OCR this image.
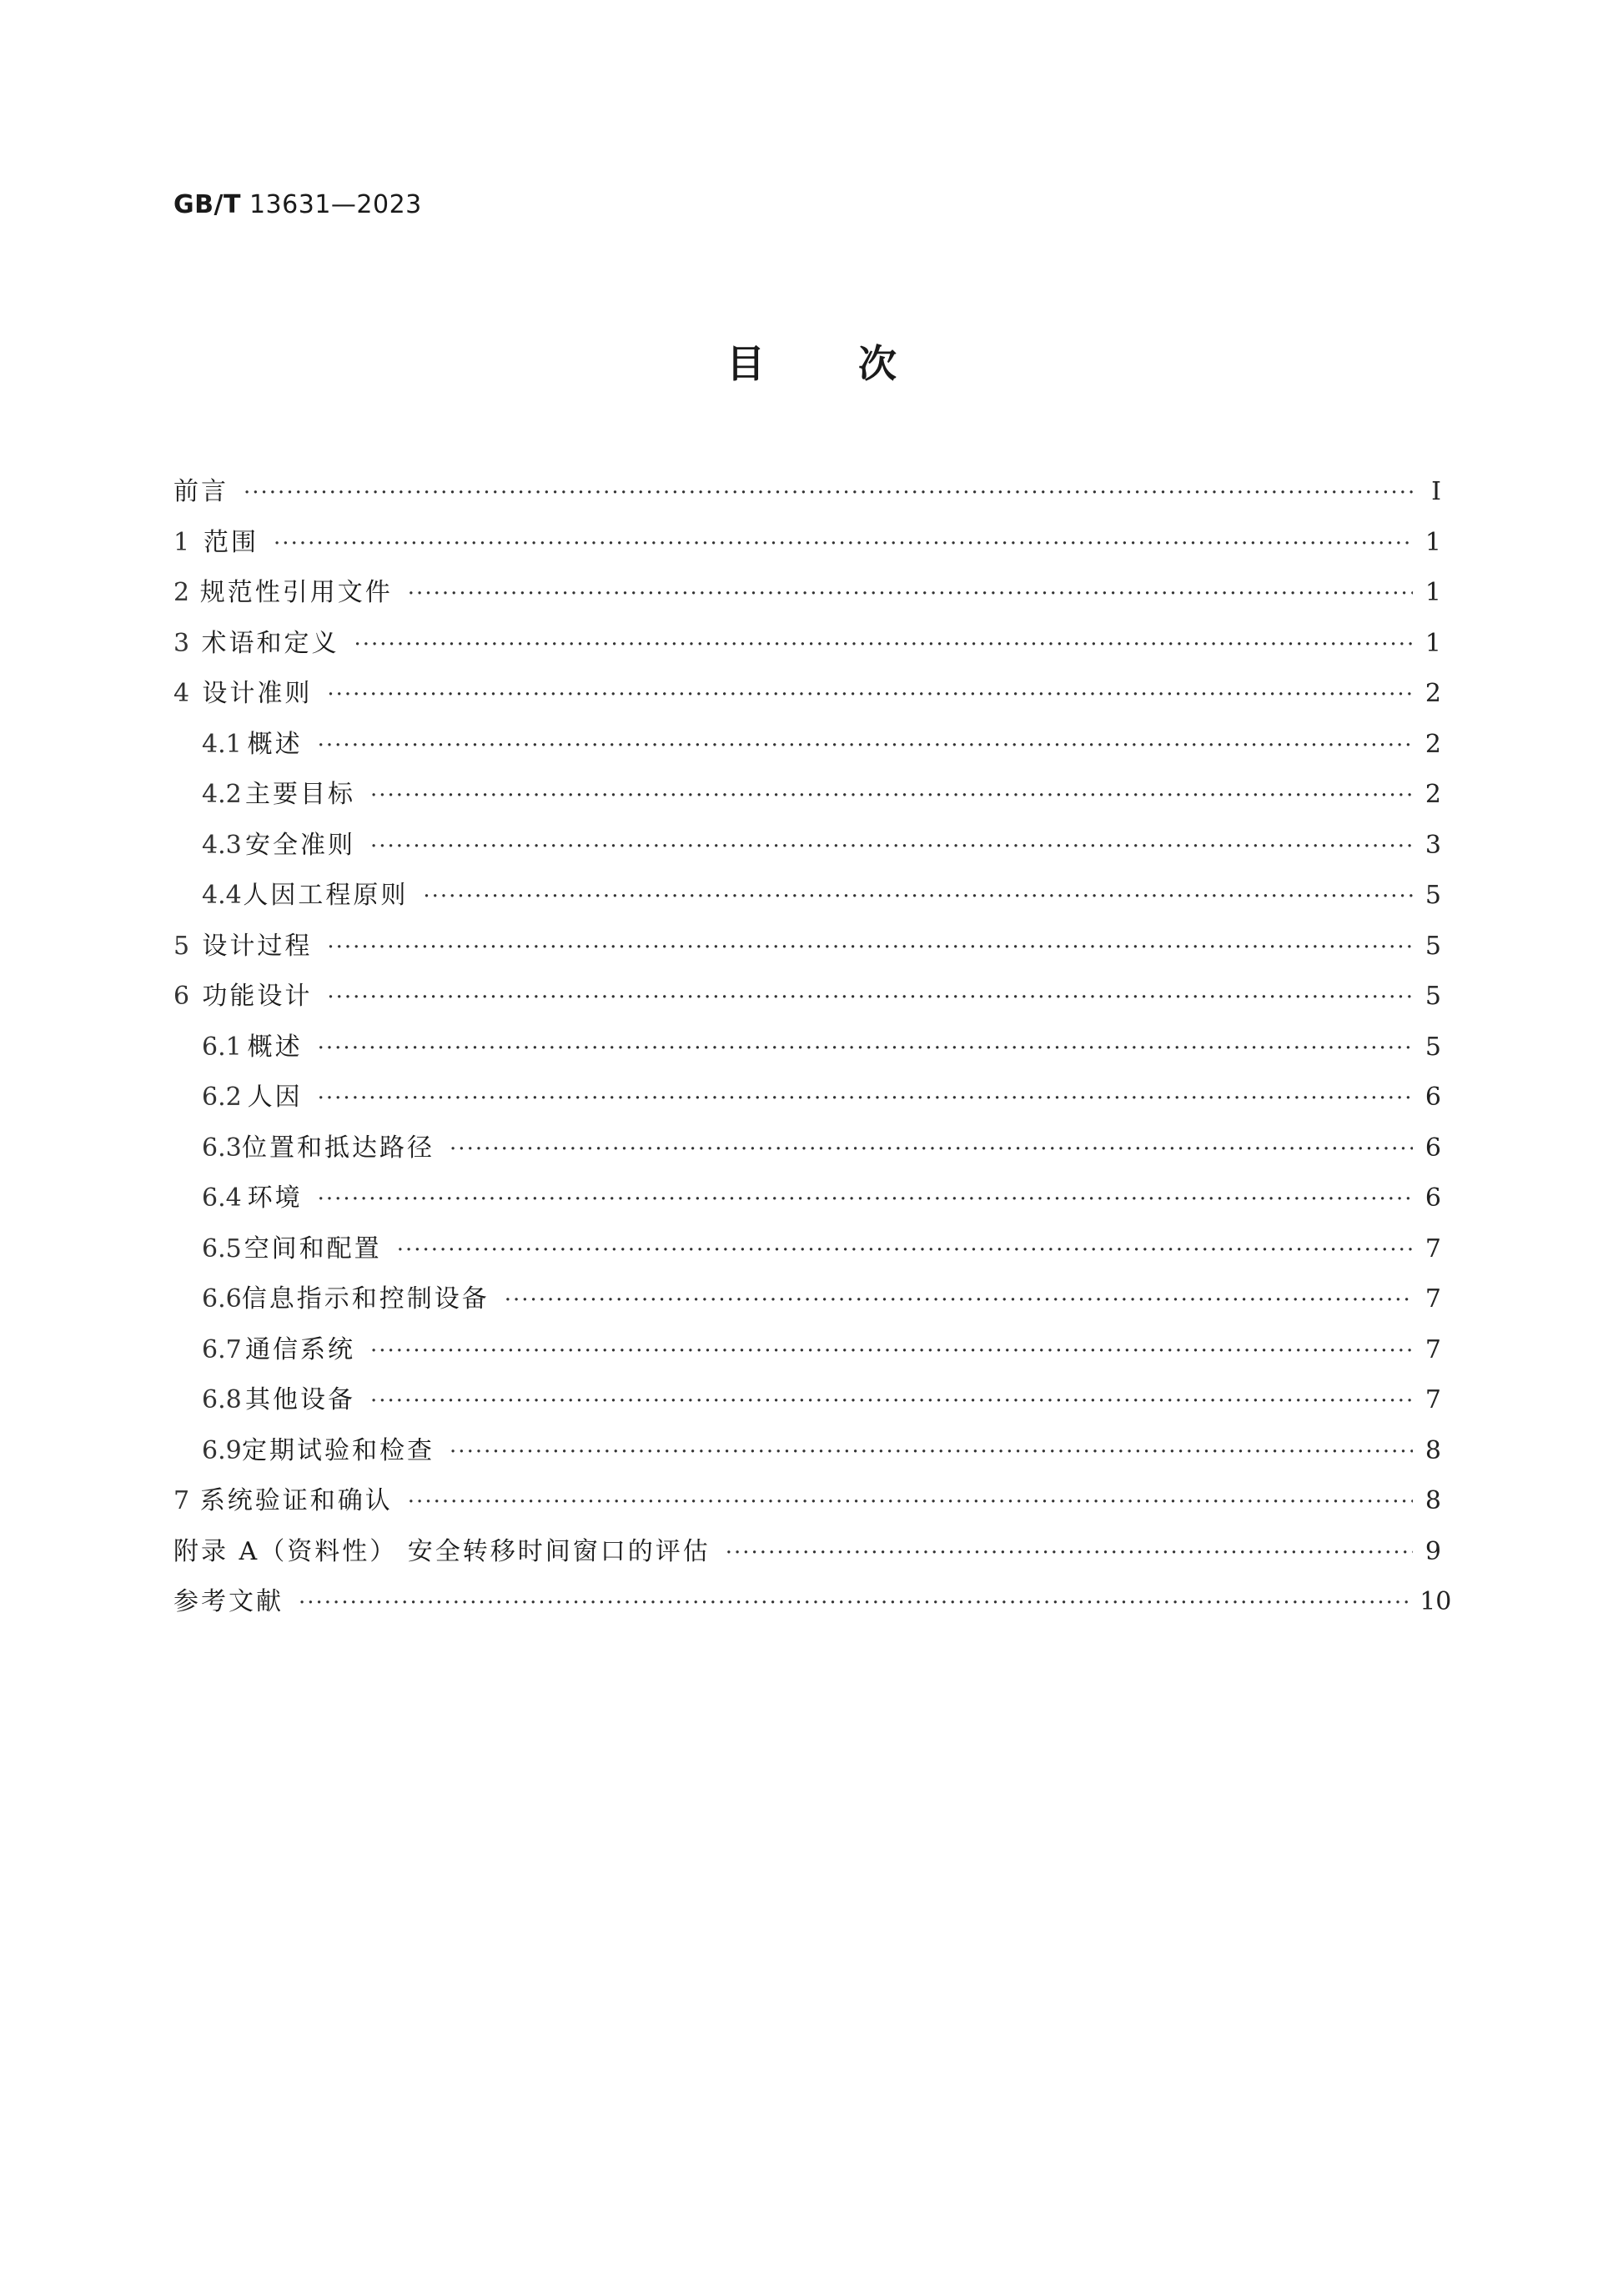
GB/T 13631—2023
目 次
前言 ·····	Ⅰ
1 范围 ·····	1
2 规范性引用文件 ·····	1
3 术语和定义 ·····	1
4 设计准则 ·····	2
4.1 概述 ·····	2
4.2 主要目标 ·····	2
4.3 安全准则 ·····	3
4.4 人因工程原则 ·····	5
5 设计过程 ·····	5
6 功能设计 ·····	5
6.1 概述 ·····	5
6.2 人因 ·····	6
6.3 位置和抵达路径 ·····	6
6.4 环境 ·····	6
6.5 空间和配置 ·····	7
6.6 信息指示和控制设备 ·····	7
6.7 通信系统 ·····	7
6.8 其他设备 ·····	7
6.9 定期试验和检查 ·····	8
7 系统验证和确认 ·····	8
附录 A（资料性） 安全转移时间窗口的评估 ·····	9
参考文献 ·····	10
